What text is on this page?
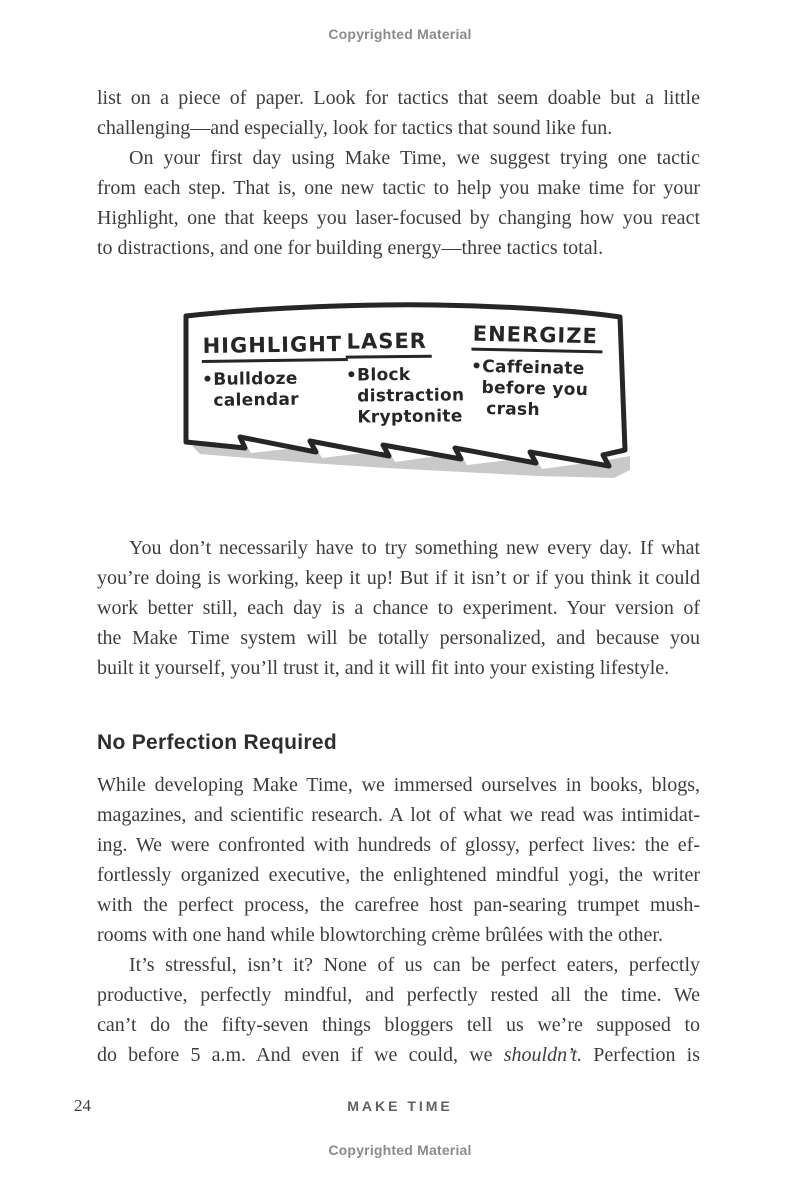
Copyrighted Material
list on a piece of paper. Look for tactics that seem doable but a little
challenging—and especially, look for tactics that sound like fun.
On your first day using Make Time, we suggest trying one tactic
from each step. That is, one new tactic to help you make time for your
Highlight, one that keeps you laser-focused by changing how you react
to distractions, and one for building energy—three tactics total.
HIGHLIGHT
•Bulldoze
calendar
LASER
•Block
distraction
Kryptonite
ENERGIZE
•Caffeinate
before you
crash
You don’t necessarily have to try something new every day. If what
you’re doing is working, keep it up! But if it isn’t or if you think it could
work better still, each day is a chance to experiment. Your version of
the Make Time system will be totally personalized, and because you
built it yourself, you’ll trust it, and it will fit into your existing lifestyle.
No Perfection Required
While developing Make Time, we immersed ourselves in books, blogs,
magazines, and scientific research. A lot of what we read was intimidat-
ing. We were confronted with hundreds of glossy, perfect lives: the ef-
fortlessly organized executive, the enlightened mindful yogi, the writer
with the perfect process, the carefree host pan-searing trumpet mush-
rooms with one hand while blowtorching crème brûlées with the other.
It’s stressful, isn’t it? None of us can be perfect eaters, perfectly
productive, perfectly mindful, and perfectly rested all the time. We
can’t do the fifty-seven things bloggers tell us we’re supposed to
do before 5 a.m. And even if we could, we shouldn’t. Perfection is
24	MAKE TIME
Copyrighted Material
